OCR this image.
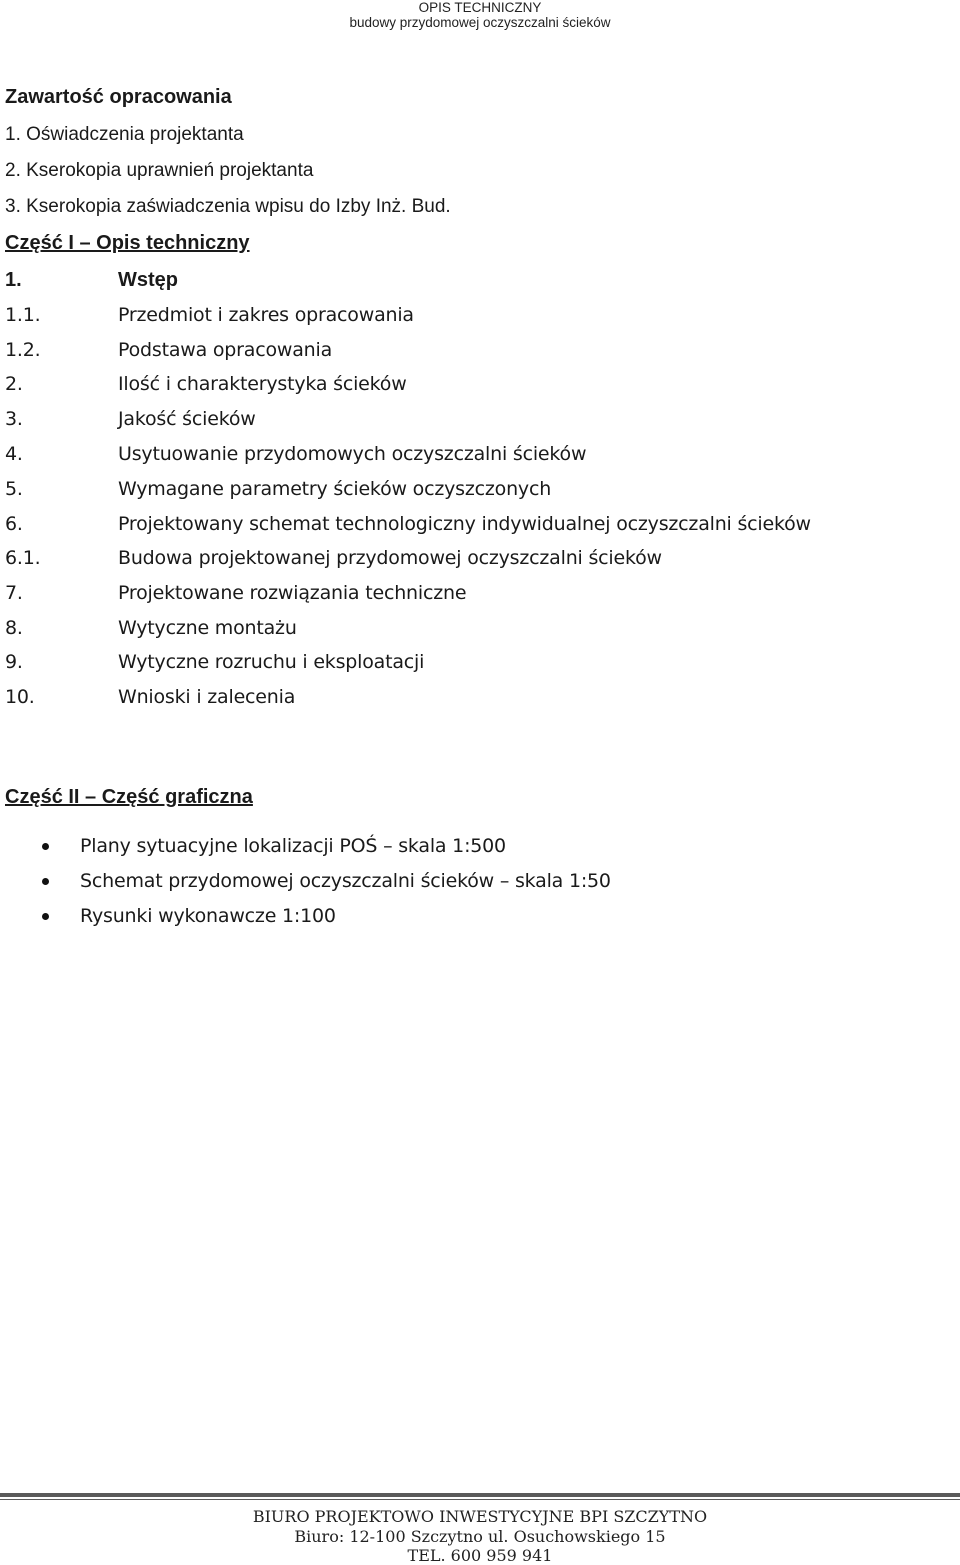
OPIS TECHNICZNY
budowy przydomowej oczyszczalni ścieków
Zawartość opracowania
1. Oświadczenia projektanta
2. Kserokopia uprawnień projektanta
3. Kserokopia zaświadczenia wpisu do Izby Inż. Bud.
Część I – Opis techniczny
1.	Wstęp
1.1.	Przedmiot i zakres opracowania
1.2.	Podstawa opracowania
2.	Ilość i charakterystyka ścieków
3.	Jakość ścieków
4.	Usytuowanie przydomowych oczyszczalni ścieków
5.	Wymagane parametry ścieków oczyszczonych
6.	Projektowany schemat technologiczny indywidualnej oczyszczalni ścieków
6.1.	Budowa projektowanej przydomowej oczyszczalni ścieków
7.	Projektowane rozwiązania techniczne
8.	Wytyczne montażu
9.	Wytyczne rozruchu i eksploatacji
10.	Wnioski i zalecenia
Część II – Część graficzna
Plany sytuacyjne lokalizacji POŚ – skala 1:500
Schemat przydomowej oczyszczalni ścieków – skala 1:50
Rysunki wykonawcze 1:100
BIURO PROJEKTOWO INWESTYCYJNE BPI SZCZYTNO
Biuro: 12-100 Szczytno ul. Osuchowskiego 15
TEL. 600 959 941
